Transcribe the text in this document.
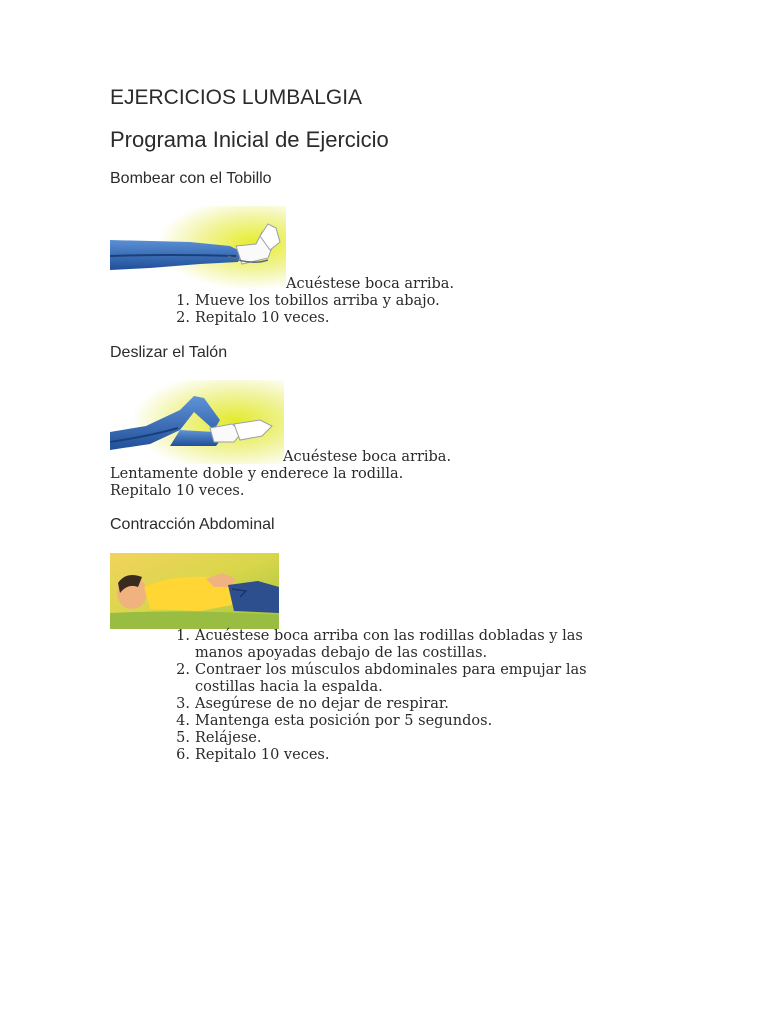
EJERCICIOS LUMBALGIA
Programa Inicial de Ejercicio
Bombear con el Tobillo
Acuéstese boca arriba.
1. Mueve los tobillos arriba y abajo.
2. Repitalo 10 veces.
Deslizar el Talón
Acuéstese boca arriba.
Lentamente doble y enderece la rodilla.
Repitalo 10 veces.
Contracción Abdominal
1. Acuéstese boca arriba con las rodillas dobladas y las
manos apoyadas debajo de las costillas.
2. Contraer los músculos abdominales para empujar las
costillas hacia la espalda.
3. Asegúrese de no dejar de respirar.
4. Mantenga esta posición por 5 segundos.
5. Relájese.
6. Repitalo 10 veces.
